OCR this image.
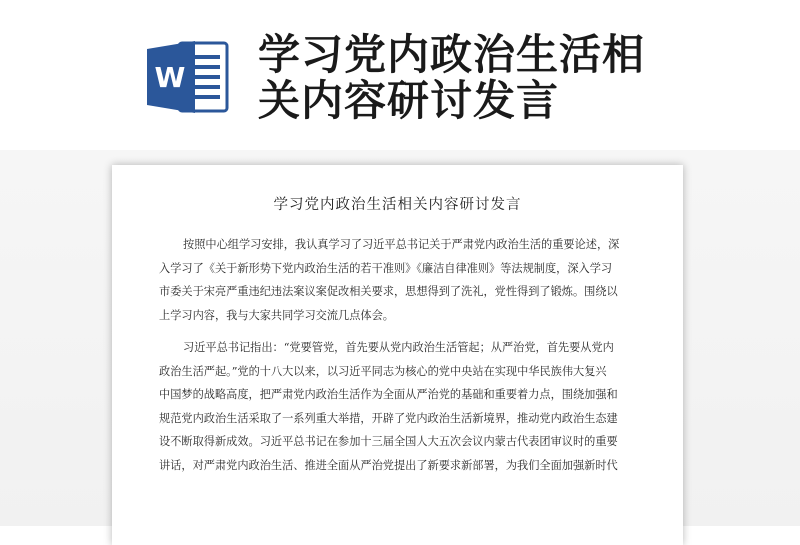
W 学习党内政治生活相
关内容研讨发言
学习党内政治生活相关内容研讨发言
按照中心组学习安排，我认真学习了习近平总书记关于严肃党内政治生活的重要论述，深
入学习了《关于新形势下党内政治生活的若干准则》《廉洁自律准则》等法规制度，深入学习
市委关于宋亮严重违纪违法案议案促改相关要求，思想得到了洗礼，党性得到了锻炼。围绕以
上学习内容，我与大家共同学习交流几点体会。
习近平总书记指出：“党要管党，首先要从党内政治生活管起；从严治党，首先要从党内
政治生活严起。”党的十八大以来，以习近平同志为核心的党中央站在实现中华民族伟大复兴
中国梦的战略高度，把严肃党内政治生活作为全面从严治党的基础和重要着力点，围绕加强和
规范党内政治生活采取了一系列重大举措，开辟了党内政治生活新境界，推动党内政治生态建
设不断取得新成效。习近平总书记在参加十三届全国人大五次会议内蒙古代表团审议时的重要
讲话，对严肃党内政治生活、推进全面从严治党提出了新要求新部署，为我们全面加强新时代
